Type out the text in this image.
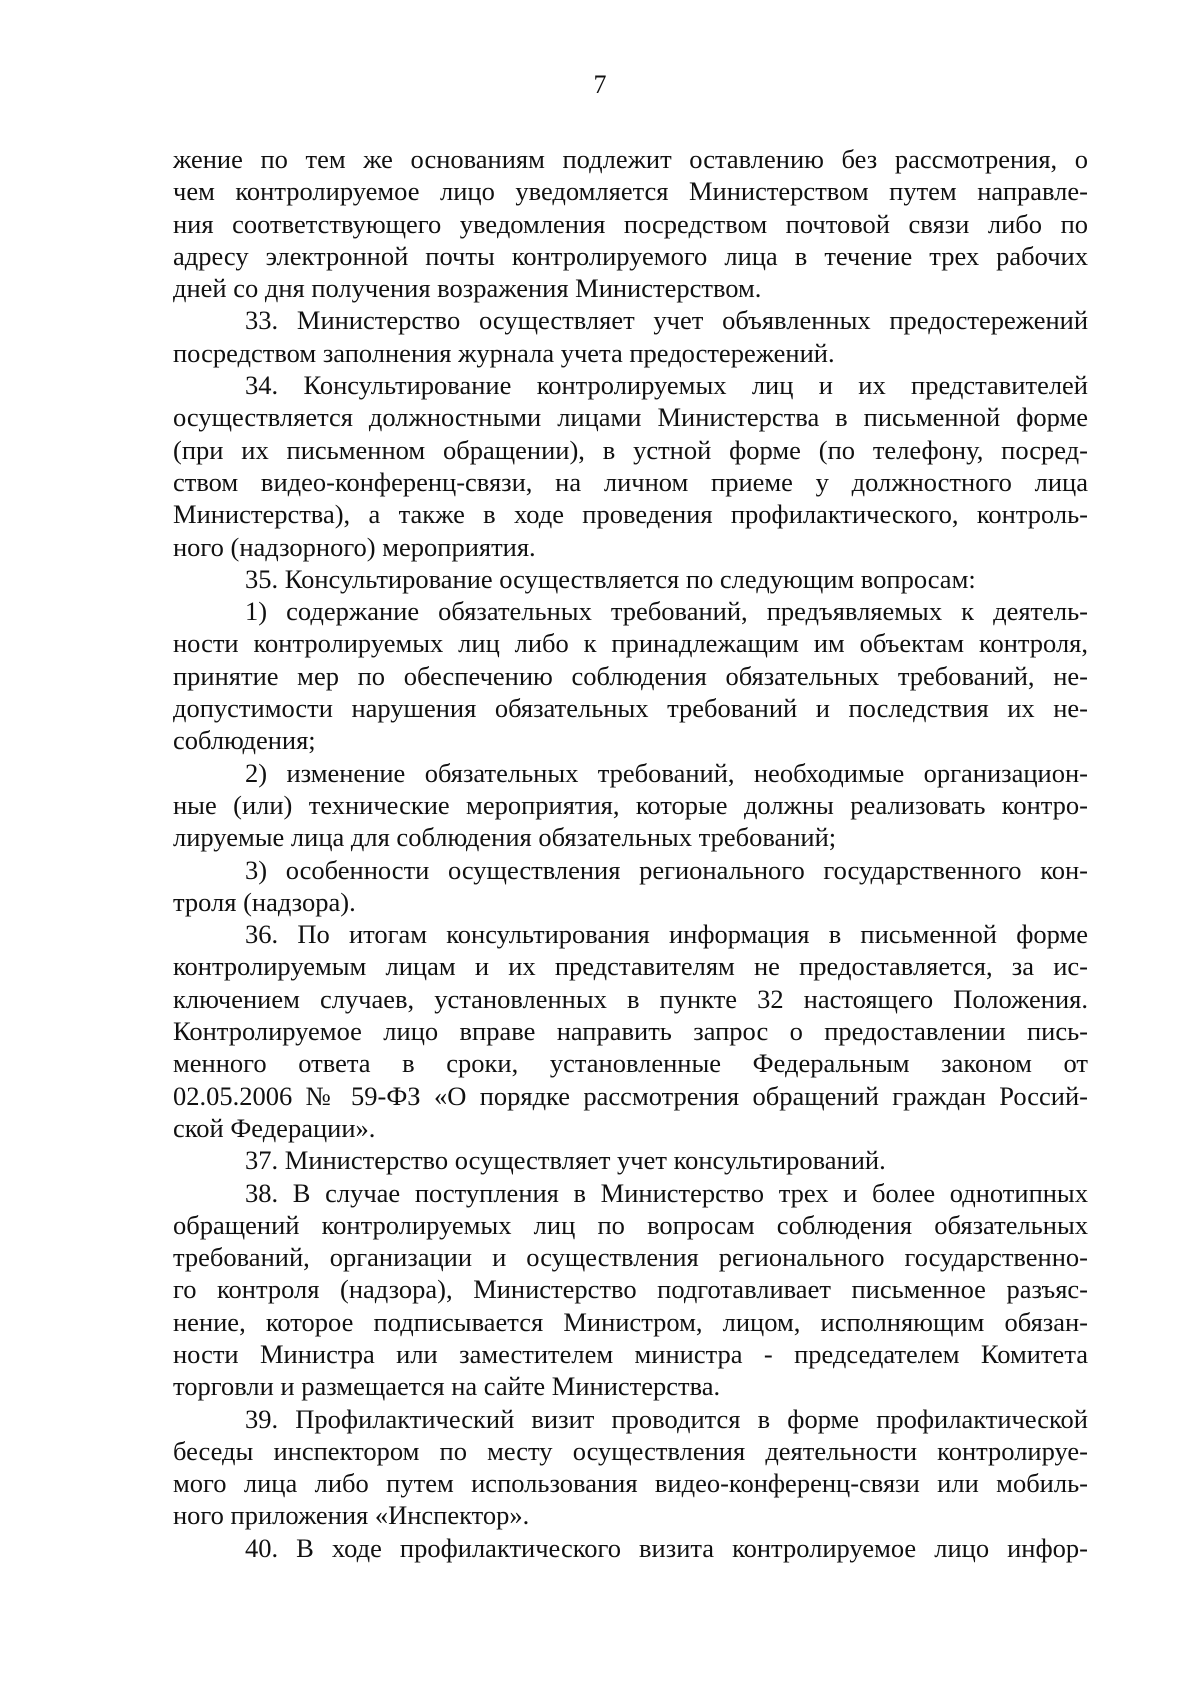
7

жение по тем же основаниям подлежит оставлению без рассмотрения, о

чем контролируемое лицо уведомляется Министерством путем направле-

ния соответствующего уведомления посредством почтовой связи либо по

адресу электронной почты контролируемого лица в течение трех рабочих

дней со дня получения возражения Министерством.

33. Министерство осуществляет учет объявленных предостережений

посредством заполнения журнала учета предостережений.

34. Консультирование контролируемых лиц и их представителей

осуществляется должностными лицами Министерства в письменной форме

(при их письменном обращении), в устной форме (по телефону, посред-

ством видео-конференц-связи, на личном приеме у должностного лица

Министерства), а также в ходе проведения профилактического, контроль-

ного (надзорного) мероприятия.

35. Консультирование осуществляется по следующим вопросам:

1) содержание обязательных требований, предъявляемых к деятель-

ности контролируемых лиц либо к принадлежащим им объектам контроля,

принятие мер по обеспечению соблюдения обязательных требований, не-

допустимости нарушения обязательных требований и последствия их не-

соблюдения;

2) изменение обязательных требований, необходимые организацион-

ные (или) технические мероприятия, которые должны реализовать контро-

лируемые лица для соблюдения обязательных требований;

3) особенности осуществления регионального государственного кон-

троля (надзора).

36. По итогам консультирования информация в письменной форме

контролируемым лицам и их представителям не предоставляется, за ис-

ключением случаев, установленных в пункте 32 настоящего Положения.

Контролируемое лицо вправе направить запрос о предоставлении пись-

менного ответа в сроки, установленные Федеральным законом от

02.05.2006 № 59-ФЗ «О порядке рассмотрения обращений граждан Россий-

ской Федерации».

37. Министерство осуществляет учет консультирований.

38. В случае поступления в Министерство трех и более однотипных

обращений контролируемых лиц по вопросам соблюдения обязательных

требований, организации и осуществления регионального государственно-

го контроля (надзора), Министерство подготавливает письменное разъяс-

нение, которое подписывается Министром, лицом, исполняющим обязан-

ности Министра или заместителем министра - председателем Комитета

торговли и размещается на сайте Министерства.

39. Профилактический визит проводится в форме профилактической

беседы инспектором по месту осуществления деятельности контролируе-

мого лица либо путем использования видео-конференц-связи или мобиль-

ного приложения «Инспектор».

40. В ходе профилактического визита контролируемое лицо инфор-
